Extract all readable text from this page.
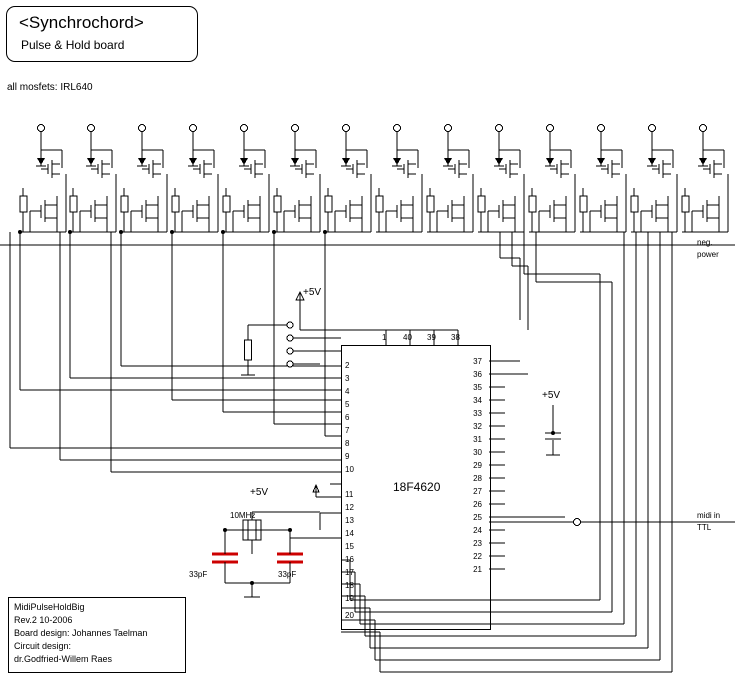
<Synchrochord>
Pulse & Hold board
all mosfets: IRL640
MidiPulseHoldBig
Rev.2 10-2006
Board design: Johannes Taelman
Circuit design:
dr.Godfried-Willem Raes
18F4620
neg.
power
midi in
TTL
+5V
+5V
+5V
10MHz
33pF	33pF
1 40 39 38
2
3
4
5
6
7
8
9
10
11
12
13
14
15
16
17
18
19
20
37
36
35
34
33
32
31
30
29
28
27
26
25
24
23
22
21
